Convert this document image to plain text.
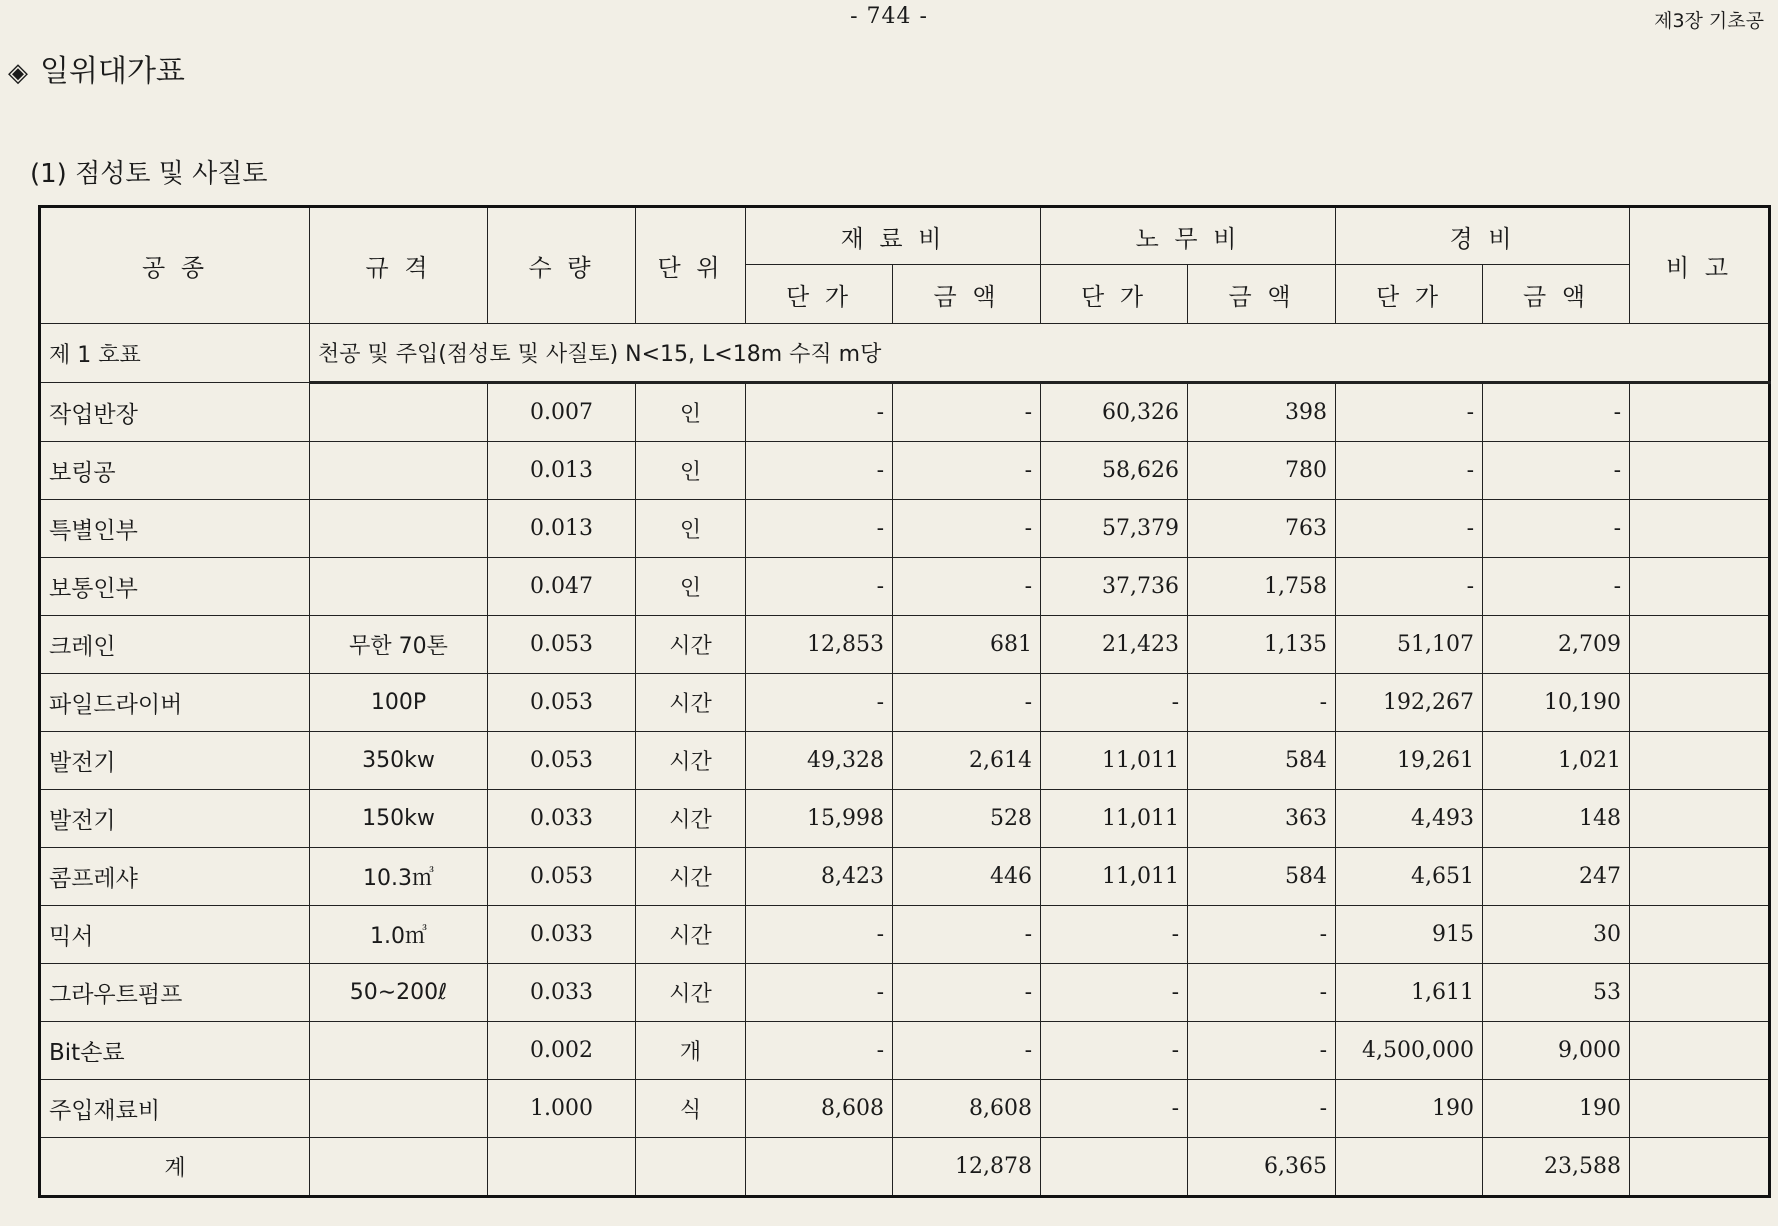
- 744 -	제3장 기초공
◈ 일위대가표
(1) 점성토 및 사질토
공 종	규 격	수 량	단 위	재 료 비		노 무 비		경 비		비 고
				단 가	금 액	단 가	금 액	단 가	금 액	
제 1 호표	천공 및 주입(점성토 및 사질토) N<15, L<18m 수직 m당									
작업반장		0.007	인	-	-	60,326	398	-	-	
보링공		0.013	인	-	-	58,626	780	-	-	
특별인부		0.013	인	-	-	57,379	763	-	-	
보통인부		0.047	인	-	-	37,736	1,758	-	-	
크레인	무한 70톤	0.053	시간	12,853	681	21,423	1,135	51,107	2,709	
파일드라이버	100P	0.053	시간	-	-	-	-	192,267	10,190	
발전기	350kw	0.053	시간	49,328	2,614	11,011	584	19,261	1,021	
발전기	150kw	0.033	시간	15,998	528	11,011	363	4,493	148	
콤프레샤	10.3㎥	0.053	시간	8,423	446	11,011	584	4,651	247	
믹서	1.0㎥	0.033	시간	-	-	-	-	915	30	
그라우트펌프	50∼200ℓ	0.033	시간	-	-	-	-	1,611	53	
Bit손료		0.002	개	-	-	-	-	4,500,000	9,000	
주입재료비		1.000	식	8,608	8,608	-	-	190	190	
계					12,878		6,365		23,588	
